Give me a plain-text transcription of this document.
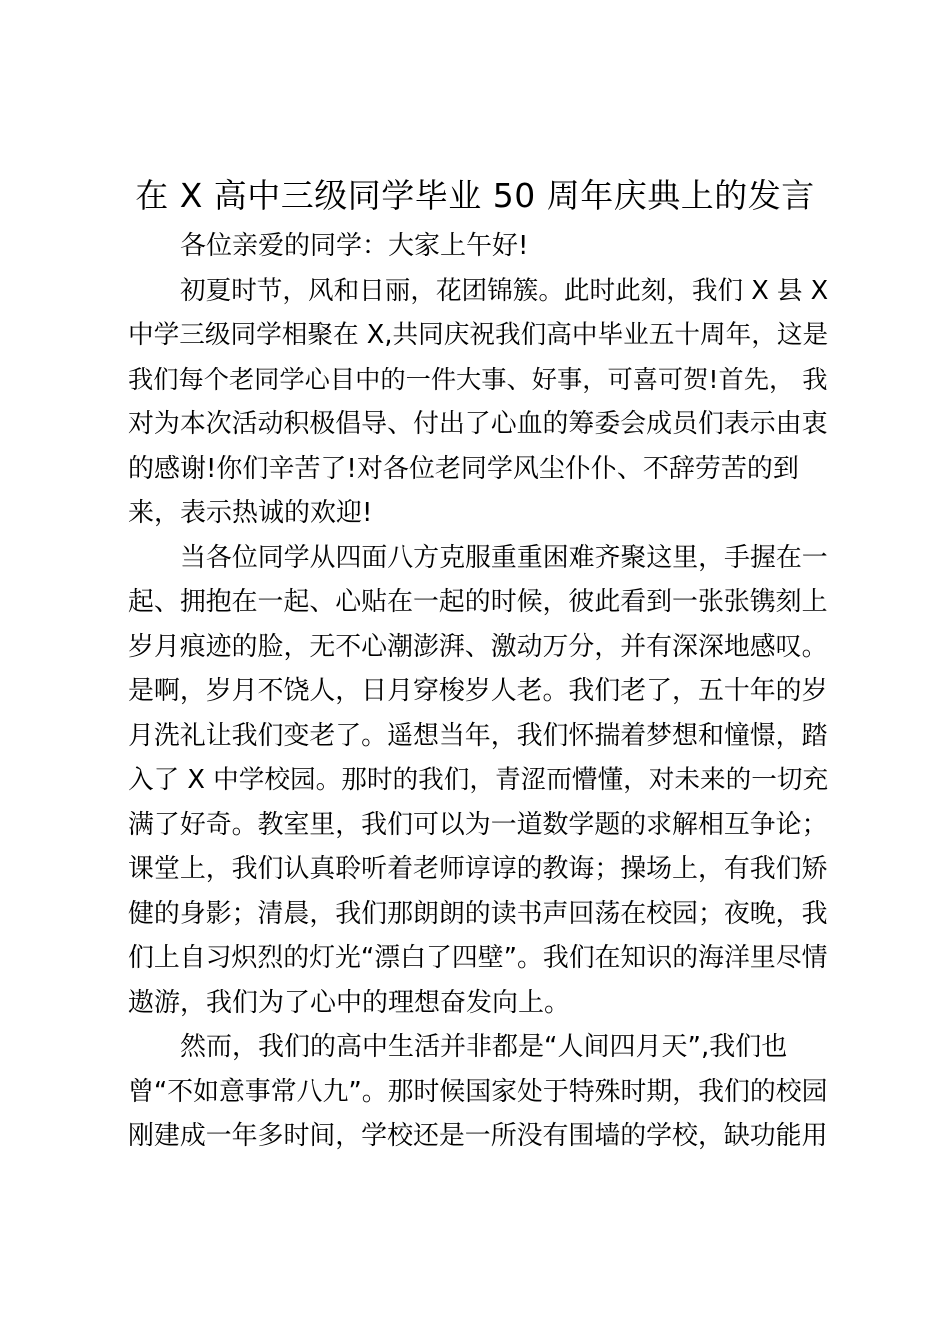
在 X 高中三级同学毕业 50 周年庆典上的发言
各位亲爱的同学：大家上午好!
初夏时节，风和日丽，花团锦簇。此时此刻，我们 X 县 X
中学三级同学相聚在 X,共同庆祝我们高中毕业五十周年，这是
我们每个老同学心目中的一件大事、好事，可喜可贺!首先， 我
对为本次活动积极倡导、付出了心血的筹委会成员们表示由衷
的感谢!你们辛苦了!对各位老同学风尘仆仆、不辞劳苦的到
来，表示热诚的欢迎!
当各位同学从四面八方克服重重困难齐聚这里，手握在一
起、拥抱在一起、心贴在一起的时候，彼此看到一张张镌刻上
岁月痕迹的脸，无不心潮澎湃、激动万分，并有深深地感叹。
是啊，岁月不饶人，日月穿梭岁人老。我们老了，五十年的岁
月洗礼让我们变老了。遥想当年，我们怀揣着梦想和憧憬，踏
入了 X 中学校园。那时的我们，青涩而懵懂，对未来的一切充
满了好奇。教室里，我们可以为一道数学题的求解相互争论；
课堂上，我们认真聆听着老师谆谆的教诲；操场上，有我们矫
健的身影；清晨，我们那朗朗的读书声回荡在校园；夜晚，我
们上自习炽烈的灯光“漂白了四壁”。我们在知识的海洋里尽情
遨游，我们为了心中的理想奋发向上。
然而，我们的高中生活并非都是“人间四月天”,我们也
曾“不如意事常八九”。那时候国家处于特殊时期，我们的校园
刚建成一年多时间，学校还是一所没有围墙的学校，缺功能用
